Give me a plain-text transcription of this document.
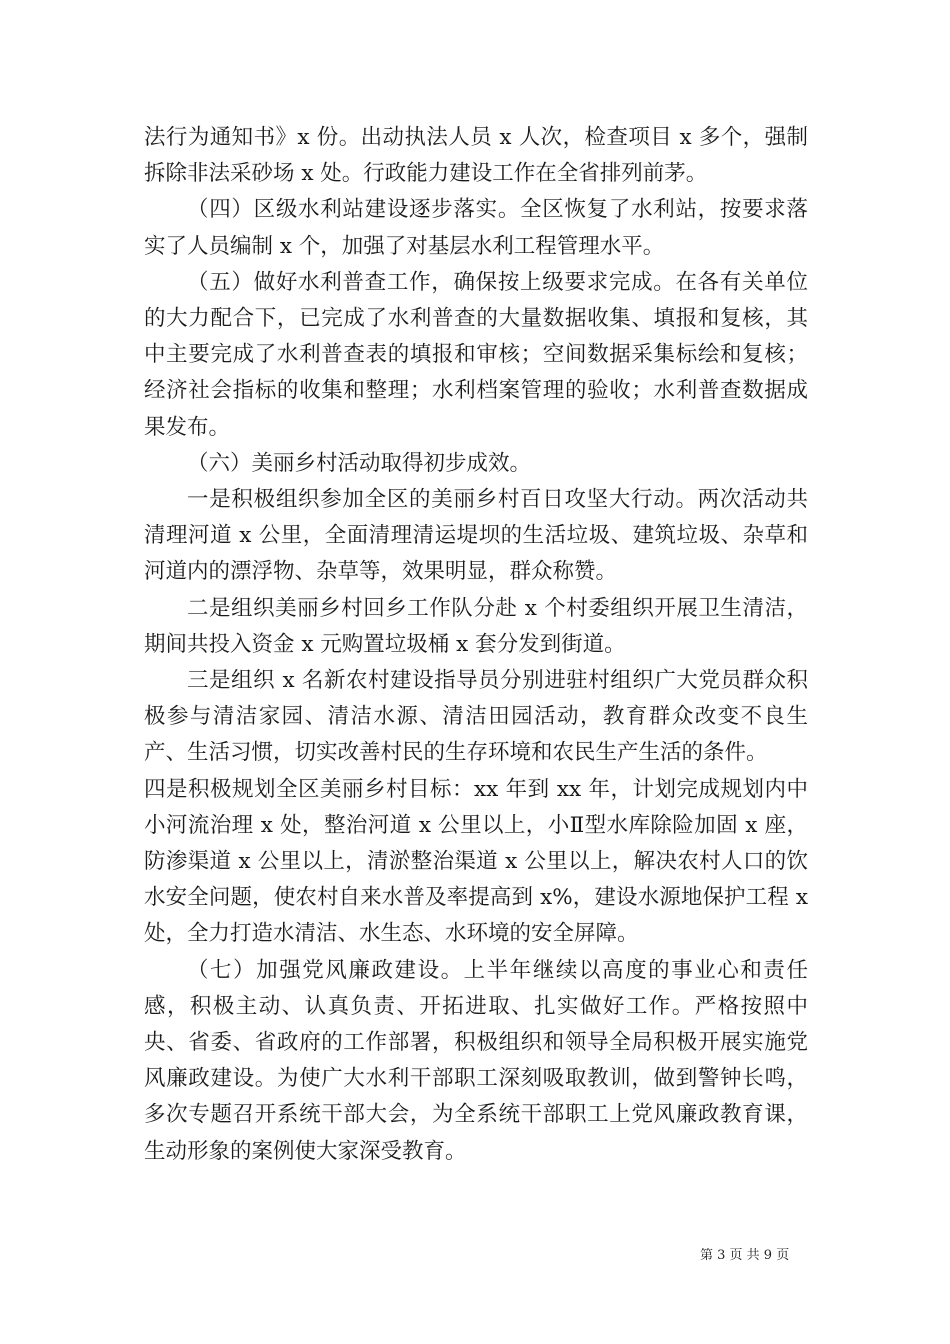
法行为通知书》x 份。出动执法人员 x 人次，检查项目 x 多个，强制拆除非法采砂场 x 处。行政能力建设工作在全省排列前茅。

（四）区级水利站建设逐步落实。全区恢复了水利站，按要求落实了人员编制 x 个，加强了对基层水利工程管理水平。

（五）做好水利普查工作，确保按上级要求完成。在各有关单位的大力配合下，已完成了水利普查的大量数据收集、填报和复核，其中主要完成了水利普查表的填报和审核；空间数据采集标绘和复核；经济社会指标的收集和整理；水利档案管理的验收；水利普查数据成果发布。

（六）美丽乡村活动取得初步成效。

一是积极组织参加全区的美丽乡村百日攻坚大行动。两次活动共清理河道 x 公里，全面清理清运堤坝的生活垃圾、建筑垃圾、杂草和河道内的漂浮物、杂草等，效果明显，群众称赞。

二是组织美丽乡村回乡工作队分赴 x 个村委组织开展卫生清洁，期间共投入资金 x 元购置垃圾桶 x 套分发到街道。

三是组织 x 名新农村建设指导员分别进驻村组织广大党员群众积极参与清洁家园、清洁水源、清洁田园活动，教育群众改变不良生产、生活习惯，切实改善村民的生存环境和农民生产生活的条件。

四是积极规划全区美丽乡村目标：xx 年到 xx 年，计划完成规划内中小河流治理 x 处，整治河道 x 公里以上，小Ⅱ型水库除险加固 x 座，防渗渠道 x 公里以上，清淤整治渠道 x 公里以上，解决农村人口的饮水安全问题，使农村自来水普及率提高到 x%，建设水源地保护工程 x 处，全力打造水清洁、水生态、水环境的安全屏障。

（七）加强党风廉政建设。上半年继续以高度的事业心和责任感，积极主动、认真负责、开拓进取、扎实做好工作。严格按照中央、省委、省政府的工作部署，积极组织和领导全局积极开展实施党风廉政建设。为使广大水利干部职工深刻吸取教训，做到警钟长鸣，多次专题召开系统干部大会，为全系统干部职工上党风廉政教育课，生动形象的案例使大家深受教育。

第 3 页 共 9 页
